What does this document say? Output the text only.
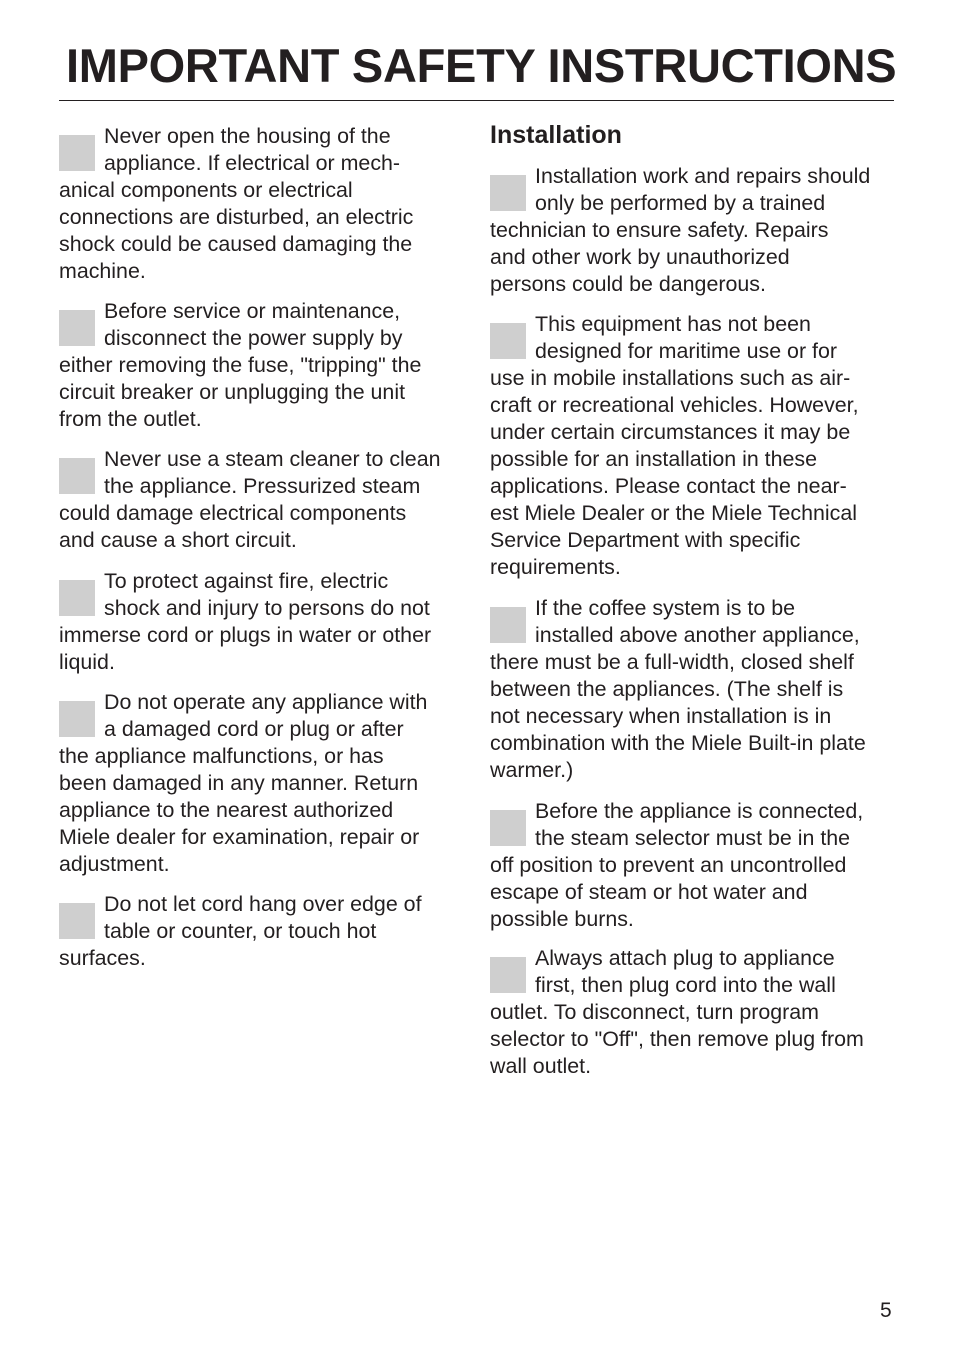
IMPORTANT SAFETY INSTRUCTIONS
Never open the housing of the
appliance. If electrical or mech-
anical components or electrical
connections are disturbed, an electric
shock could be caused damaging the
machine.
Before service or maintenance,
disconnect the power supply by
either removing the fuse, "tripping" the
circuit breaker or unplugging the unit
from the outlet.
Never use a steam cleaner to clean
the appliance. Pressurized steam
could damage electrical components
and cause a short circuit.
To protect against fire, electric
shock and injury to persons do not
immerse cord or plugs in water or other
liquid.
Do not operate any appliance with
a damaged cord or plug or after
the appliance malfunctions, or has
been damaged in any manner. Return
appliance to the nearest authorized
Miele dealer for examination, repair or
adjustment.
Do not let cord hang over edge of
table or counter, or touch hot
surfaces.
Installation
Installation work and repairs should
only be performed by a trained
technician to ensure safety. Repairs
and other work by unauthorized
persons could be dangerous.
This equipment has not been
designed for maritime use or for
use in mobile installations such as air-
craft or recreational vehicles. However,
under certain circumstances it may be
possible for an installation in these
applications. Please contact the near-
est Miele Dealer or the Miele Technical
Service Department with specific
requirements.
If the coffee system is to be
installed above another appliance,
there must be a full-width, closed shelf
between the appliances. (The shelf is
not necessary when installation is in
combination with the Miele Built-in plate
warmer.)
Before the appliance is connected,
the steam selector must be in the
off position to prevent an uncontrolled
escape of steam or hot water and
possible burns.
Always attach plug to appliance
first, then plug cord into the wall
outlet. To disconnect, turn program
selector to "Off", then remove plug from
wall outlet.
5
